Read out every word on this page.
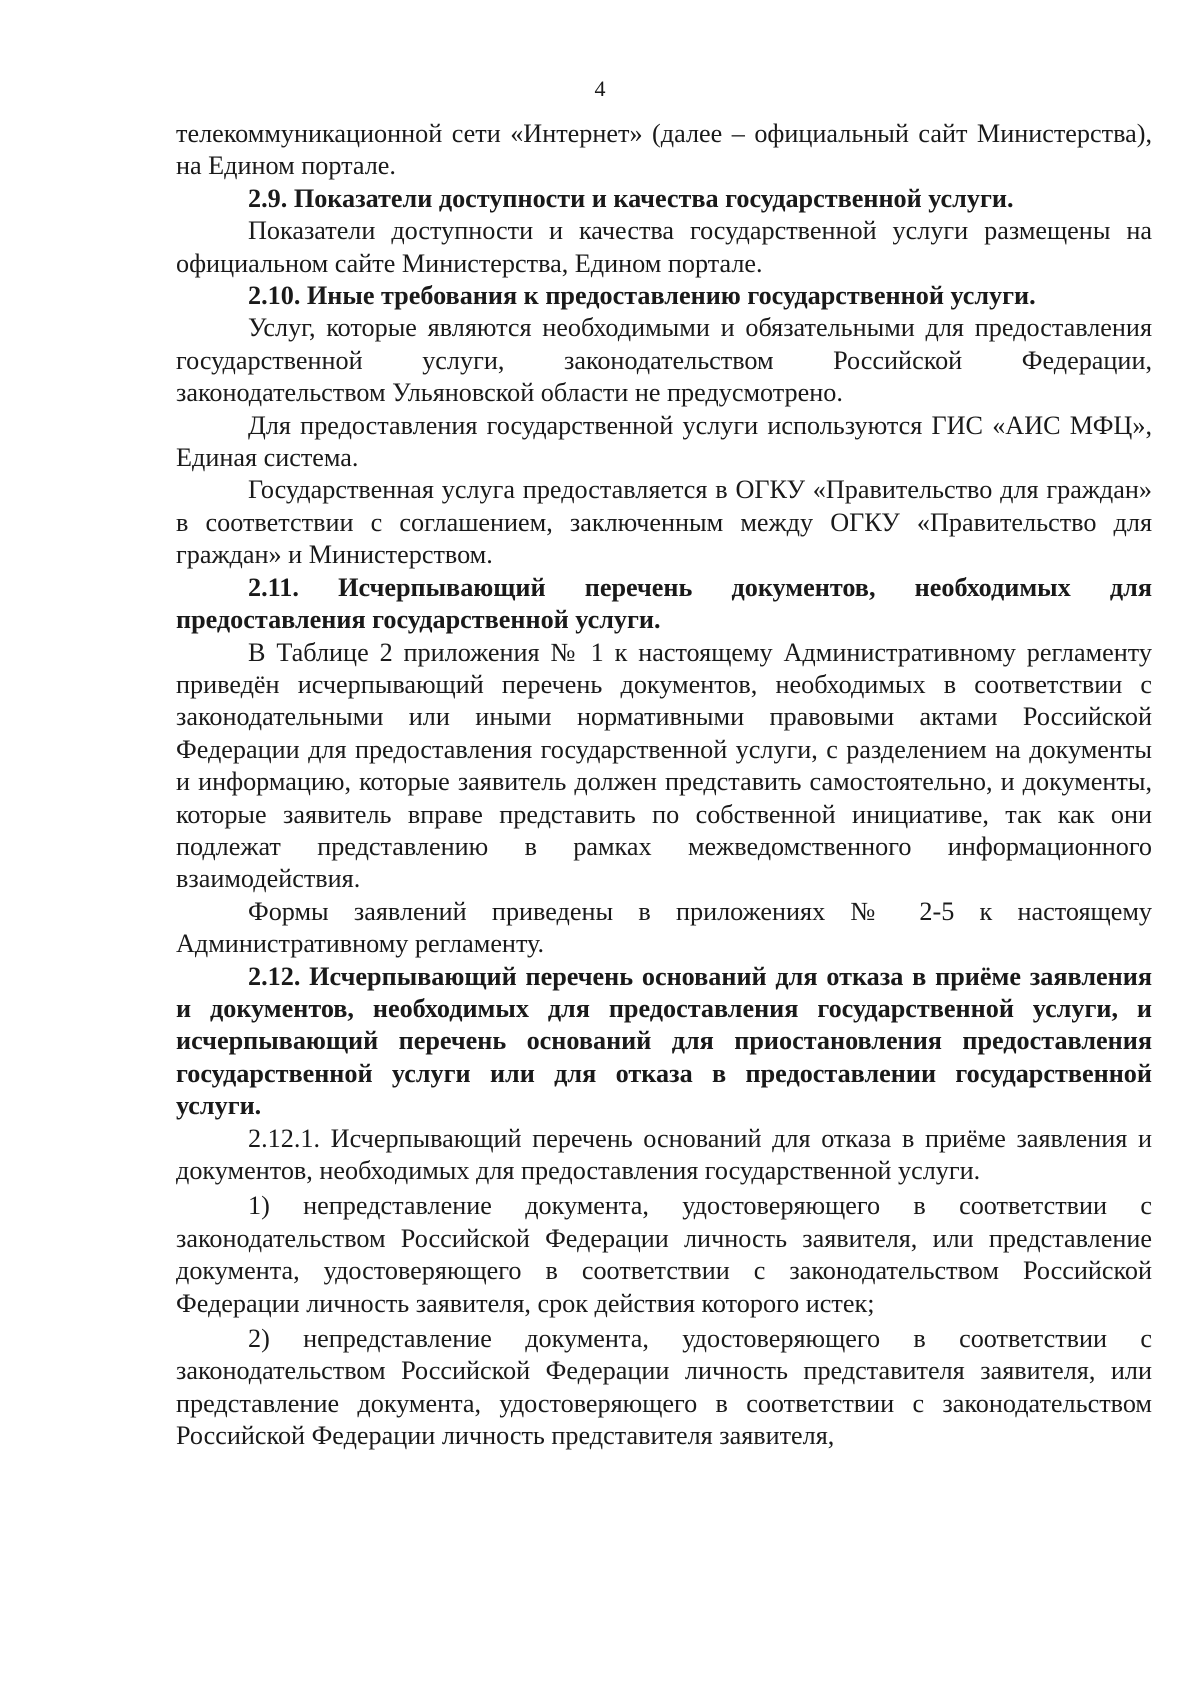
4

телекоммуникационной сети «Интернет» (далее – официальный сайт Министерства), на Едином портале.

2.9. Показатели доступности и качества государственной услуги.

Показатели доступности и качества государственной услуги размещены на официальном сайте Министерства, Едином портале.

2.10. Иные требования к предоставлению государственной услуги.

Услуг, которые являются необходимыми и обязательными для предоставления государственной услуги, законодательством Российской Федерации, законодательством Ульяновской области не предусмотрено.

Для предоставления государственной услуги используются ГИС «АИС МФЦ», Единая система.

Государственная услуга предоставляется в ОГКУ «Правительство для граждан» в соответствии с соглашением, заключенным между ОГКУ «Правительство для граждан» и Министерством.

2.11. Исчерпывающий перечень документов, необходимых для предоставления государственной услуги.

В Таблице 2 приложения № 1 к настоящему Административному регламенту приведён исчерпывающий перечень документов, необходимых в соответствии с законодательными или иными нормативными правовыми актами Российской Федерации для предоставления государственной услуги, с разделением на документы и информацию, которые заявитель должен представить самостоятельно, и документы, которые заявитель вправе представить по собственной инициативе, так как они подлежат представлению в рамках межведомственного информационного взаимодействия.

Формы заявлений приведены в приложениях № 2-5 к настоящему Административному регламенту.

2.12. Исчерпывающий перечень оснований для отказа в приёме заявления и документов, необходимых для предоставления государственной услуги, и исчерпывающий перечень оснований для приостановления предоставления государственной услуги или для отказа в предоставлении государственной услуги.

2.12.1. Исчерпывающий перечень оснований для отказа в приёме заявления и документов, необходимых для предоставления государственной услуги.

1) непредставление документа, удостоверяющего в соответствии с законодательством Российской Федерации личность заявителя, или представление документа, удостоверяющего в соответствии с законодательством Российской Федерации личность заявителя, срок действия которого истек;

2) непредставление документа, удостоверяющего в соответствии с законодательством Российской Федерации личность представителя заявителя, или представление документа, удостоверяющего в соответствии с законодательством Российской Федерации личность представителя заявителя,
